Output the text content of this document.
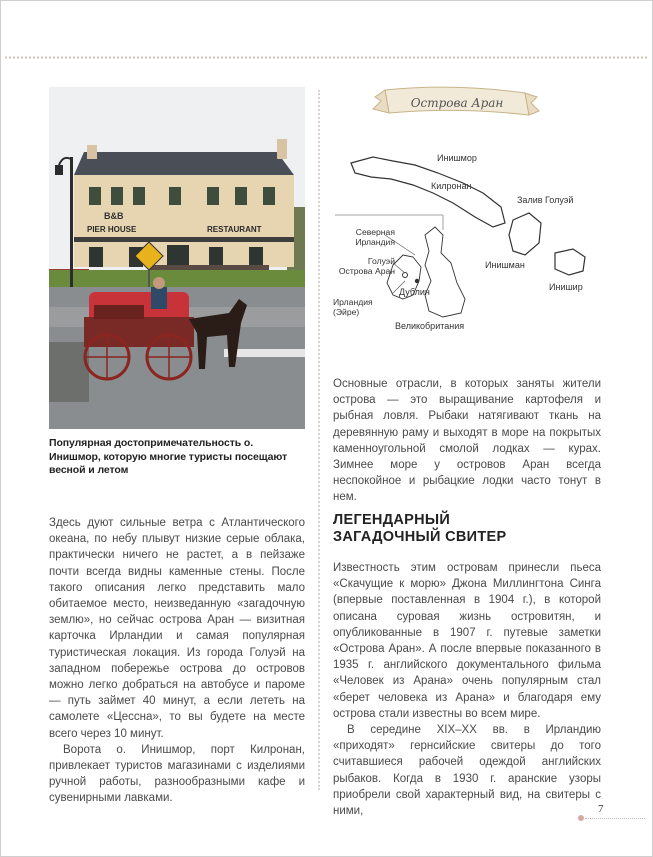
B&B
PIER HOUSE	RESTAURANT
Популярная достопримечательность о. Инишмор, которую многие туристы посещают весной и летом
Острова Аран
Инишмор
Килронан
Залив Голуэй
Инишман
Инишир
Северная Ирландия
Голуэй Острова Аран
Дублин
Ирландия (Эйре)
Великобритания

Основные отрасли, в которых заняты жители острова — это выращивание картофеля и рыбная ловля. Рыбаки натягивают ткань на деревянную раму и выходят в море на покрытых каменноугольной смолой лодках — курах. Зимнее море у островов Аран всегда неспокойное и рыбацкие лодки часто тонут в нем.

Здесь дуют сильные ветра с Атлантического океана, по небу плывут низкие серые облака, практически ничего не растет, а в пейзаже почти всегда видны каменные стены. После такого описания легко представить мало обитаемое место, неизведанную «загадочную землю», но сейчас острова Аран — визитная карточка Ирландии и самая популярная туристическая локация. Из города Голуэй на западном побережье острова до островов можно легко добраться на автобусе и пароме — путь займет 40 минут, а если лететь на самолете «Цессна», то вы будете на месте всего через 10 минут.

Ворота о. Инишмор, порт Килронан, привлекает туристов магазинами с изделиями ручной работы, разнообразными кафе и сувенирными лавками.

ЛЕГЕНДАРНЫЙ
ЗАГАДОЧНЫЙ СВИТЕР

Известность этим островам принесли пьеса «Скачущие к морю» Джона Миллингтона Синга (впервые поставленная в 1904 г.), в которой описана суровая жизнь островитян, и опубликованные в 1907 г. путевые заметки «Острова Аран». А после впервые показанного в 1935 г. английского документального фильма «Человек из Арана» очень популярным стал «берет человека из Арана» и благодаря ему острова стали известны во всем мире.

В середине XIX–XX вв. в Ирландию «приходят» гернсийские свитеры до того считавшиеся рабочей одеждой английских рыбаков. Когда в 1930 г. аранские узоры приобрели свой характерный вид, на свитеры с ними,	7
